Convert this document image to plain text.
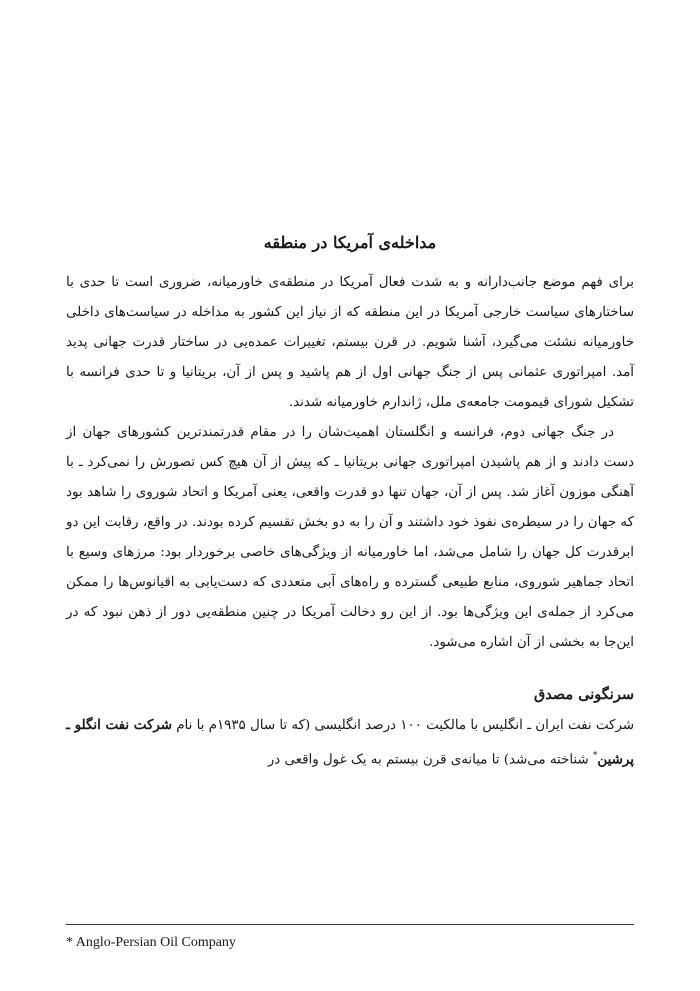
مداخله‌ی آمریکا در منطقه

برای فهم موضع جانب‌دارانه و به شدت فعال آمریکا در منطقه‌ی خاورمیانه، ضروری است تا حدی با ساختارهای سیاست خارجی آمریکا در این منطقه که از نیاز این کشور به مداخله در سیاست‌های داخلی خاورمیانه نشئت می‌گیرد، آشنا شویم. در قرن بیستم، تغییرات عمده‌یی در ساختار قدرت جهانی پدید آمد. امپراتوری عثمانی پس از جنگ جهانی اول از هم پاشید و پس از آن، بریتانیا و تا حدی فرانسه با تشکیل شورای قیمومت جامعه‌ی ملل، ژاندارم خاورمیانه شدند.

در جنگ جهانی دوم، فرانسه و انگلستان اهمیت‌شان را در مقام قدرتمندترین کشورهای جهان از دست دادند و از هم پاشیدن امپراتوری جهانی بریتانیا ـ که پیش از آن هیچ کس تصورش را نمی‌کرد ـ با آهنگی موزون آغاز شد. پس از آن، جهان تنها دو قدرت واقعی، یعنی آمریکا و اتحاد شوروی را شاهد بود که جهان را در سیطره‌ی نفوذ خود داشتند و آن را به دو بخش تقسیم کرده بودند. در واقع، رقابت این دو ابرقدرت کل جهان را شامل می‌شد، اما خاورمیانه از ویژگی‌های خاصی برخوردار بود: مرزهای وسیع با اتحاد جماهیر شوروی، منابع طبیعی گسترده و راه‌های آبی متعددی که دست‌یابی به اقیانوس‌ها را ممکن می‌کرد از جمله‌ی این ویژگی‌ها بود. از این رو دخالت آمریکا در چنین منطقه‌یی دور از ذهن نبود که در این‌جا به بخشی از آن اشاره می‌شود.

سرنگونی مصدق

شرکت نفت ایران ـ انگلیس با مالکیت ۱۰۰ درصد انگلیسی (که تا سال ۱۹۳۵م با نام شرکت نفت انگلو ـ پرشین* شناخته می‌شد) تا میانه‌ی قرن بیستم به یک غول واقعی در

* Anglo-Persian Oil Company
